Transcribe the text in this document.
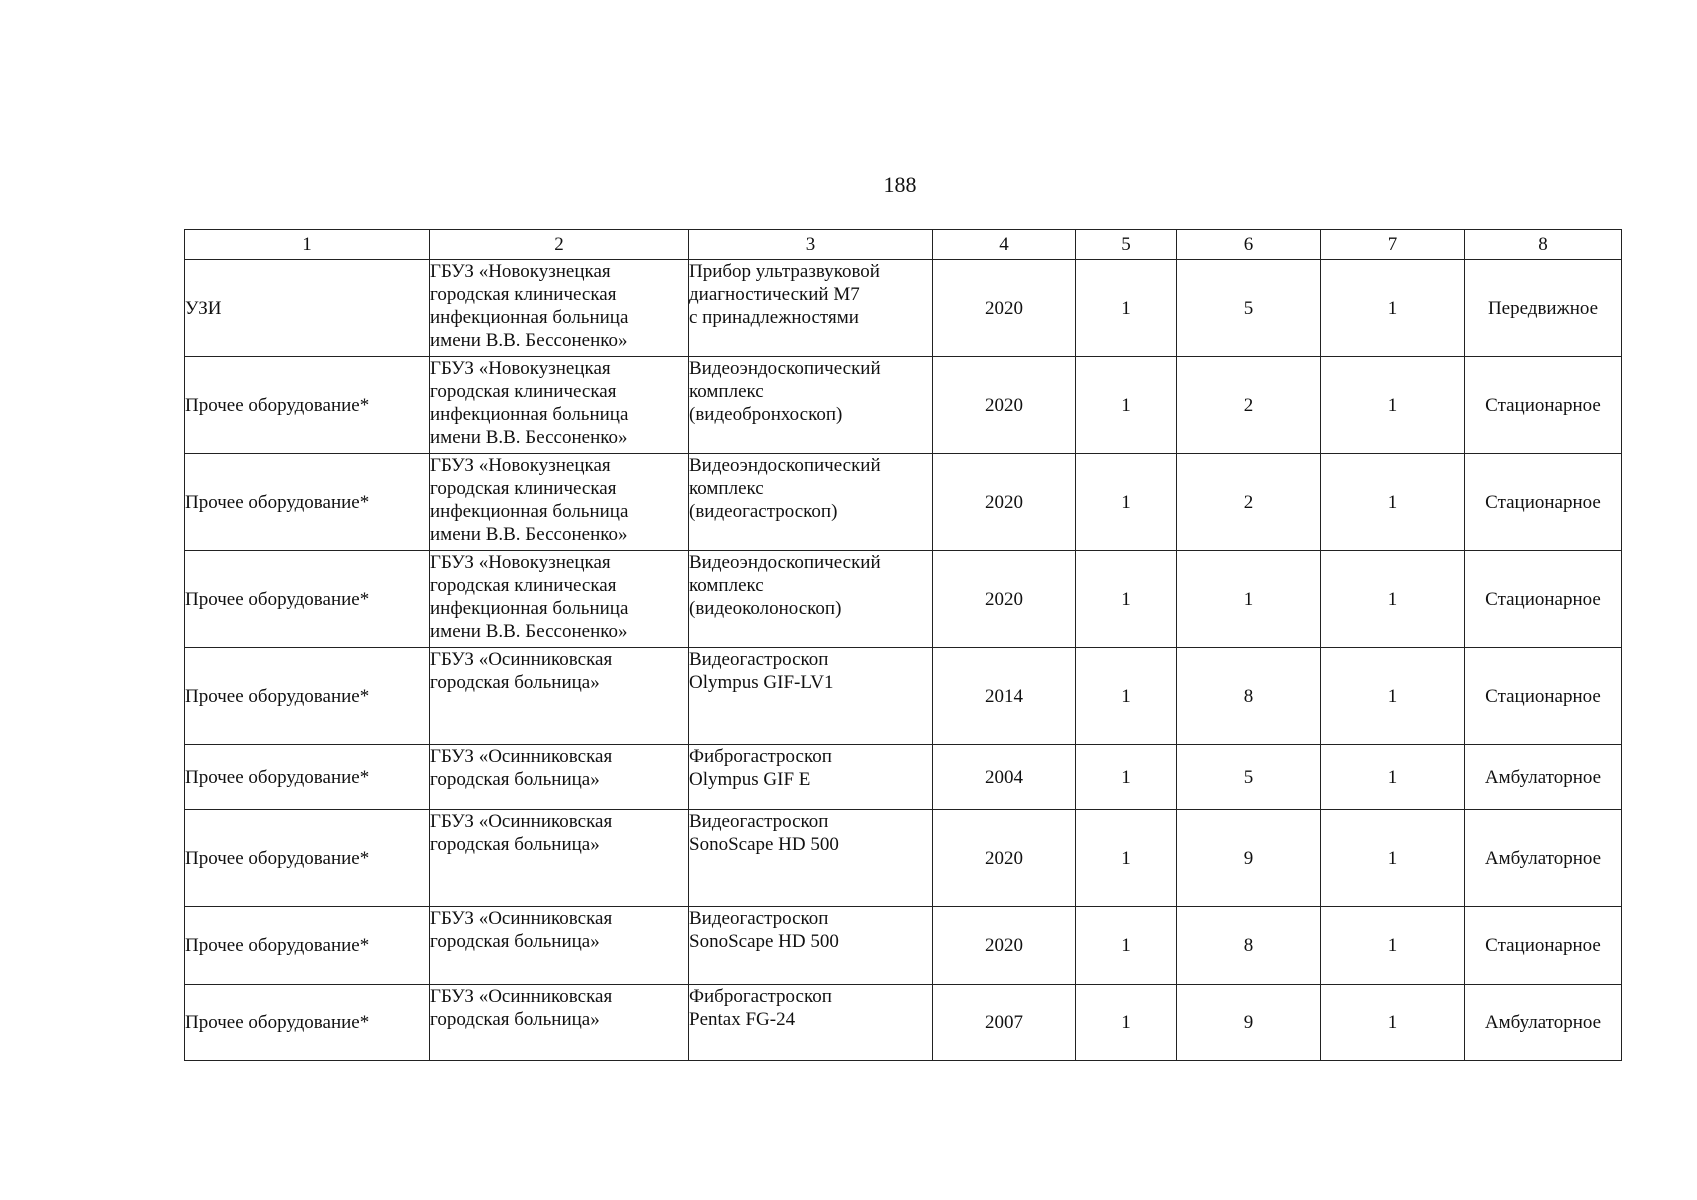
188
1	2	3	4	5	6	7	8
УЗИ	ГБУЗ «Новокузнецкая
городская клиническая
инфекционная больница
имени В.В. Бессоненко»	Прибор ультразвуковой
диагностический М7
с принадлежностями	2020	1	5	1	Передвижное
Прочее оборудование*	ГБУЗ «Новокузнецкая
городская клиническая
инфекционная больница
имени В.В. Бессоненко»	Видеоэндоскопический
комплекс
(видеобронхоскоп)	2020	1	2	1	Стационарное
Прочее оборудование*	ГБУЗ «Новокузнецкая
городская клиническая
инфекционная больница
имени В.В. Бессоненко»	Видеоэндоскопический
комплекс
(видеогастроскоп)	2020	1	2	1	Стационарное
Прочее оборудование*	ГБУЗ «Новокузнецкая
городская клиническая
инфекционная больница
имени В.В. Бессоненко»	Видеоэндоскопический
комплекс
(видеоколоноскоп)	2020	1	1	1	Стационарное
Прочее оборудование*	ГБУЗ «Осинниковская
городская больница»	Видеогастроскоп
Olympus GIF-LV1	2014	1	8	1	Стационарное
Прочее оборудование*	ГБУЗ «Осинниковская
городская больница»	Фиброгастроскоп
Olympus GIF E	2004	1	5	1	Амбулаторное
Прочее оборудование*	ГБУЗ «Осинниковская
городская больница»	Видеогастроскоп
SonoScape HD 500	2020	1	9	1	Амбулаторное
Прочее оборудование*	ГБУЗ «Осинниковская
городская больница»	Видеогастроскоп
SonoScape HD 500	2020	1	8	1	Стационарное
Прочее оборудование*	ГБУЗ «Осинниковская
городская больница»	Фиброгастроскоп
Pentax FG-24	2007	1	9	1	Амбулаторное
